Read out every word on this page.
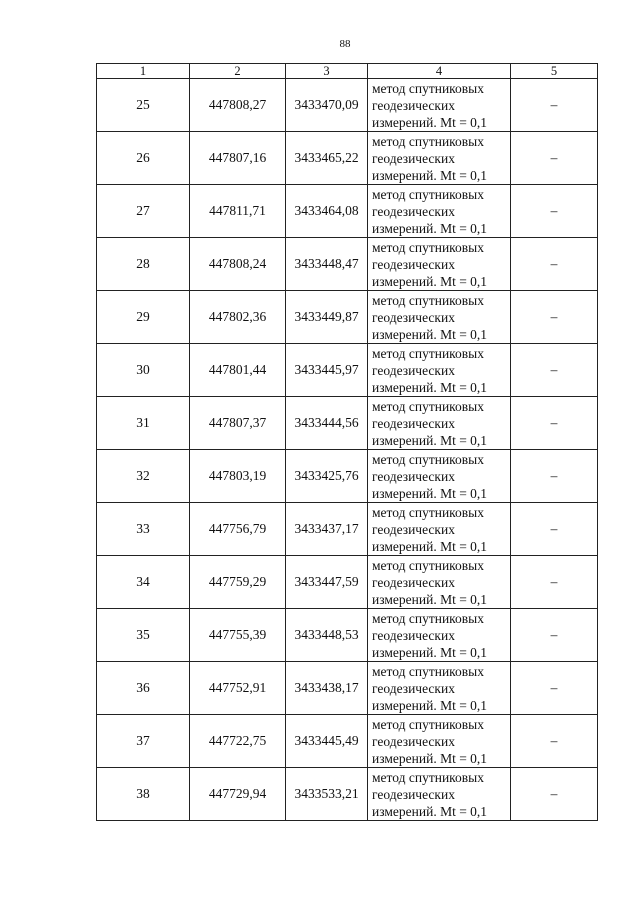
88
1	2	3	4	5
25	447808,27	3433470,09	метод спутниковых
геодезических
измерений. Mt = 0,1	–
26	447807,16	3433465,22	метод спутниковых
геодезических
измерений. Mt = 0,1	–
27	447811,71	3433464,08	метод спутниковых
геодезических
измерений. Mt = 0,1	–
28	447808,24	3433448,47	метод спутниковых
геодезических
измерений. Mt = 0,1	–
29	447802,36	3433449,87	метод спутниковых
геодезических
измерений. Mt = 0,1	–
30	447801,44	3433445,97	метод спутниковых
геодезических
измерений. Mt = 0,1	–
31	447807,37	3433444,56	метод спутниковых
геодезических
измерений. Mt = 0,1	–
32	447803,19	3433425,76	метод спутниковых
геодезических
измерений. Mt = 0,1	–
33	447756,79	3433437,17	метод спутниковых
геодезических
измерений. Mt = 0,1	–
34	447759,29	3433447,59	метод спутниковых
геодезических
измерений. Mt = 0,1	–
35	447755,39	3433448,53	метод спутниковых
геодезических
измерений. Mt = 0,1	–
36	447752,91	3433438,17	метод спутниковых
геодезических
измерений. Mt = 0,1	–
37	447722,75	3433445,49	метод спутниковых
геодезических
измерений. Mt = 0,1	–
38	447729,94	3433533,21	метод спутниковых
геодезических
измерений. Mt = 0,1	–
